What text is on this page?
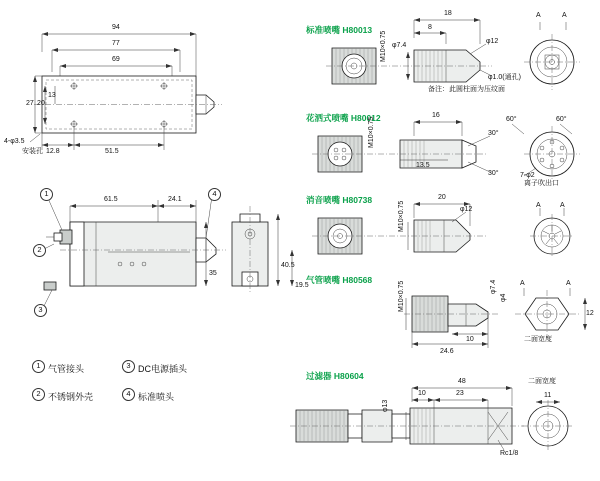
94
77
69
27 20
13
12.8	51.5
4-φ3.5
安装孔
61.5	24.1
35
40.5
19.5
1
2
3
4
1 气管接头	3 DC电源插头
2 不锈钢外壳	4 标准喷头
标准喷嘴 H80013
18
8
φ7.4
M10×0.75	φ12
φ1.0(通孔)
备注：此圆柱面为压纹面
A	A
花洒式喷嘴 H80012	16
M10×0.75
13.5
30°
30°
60°	60°
7-φ2
离子吹出口
消音喷嘴 H80738	20
φ12
M10×0.75	A	A
气管喷嘴 H80568
24.6
10
M10×0.75	φ7.4
φ4
12
二面宽度
A	A
过滤器 H80604
48
10	23
φ13
Rc1/8
11
二面宽度
